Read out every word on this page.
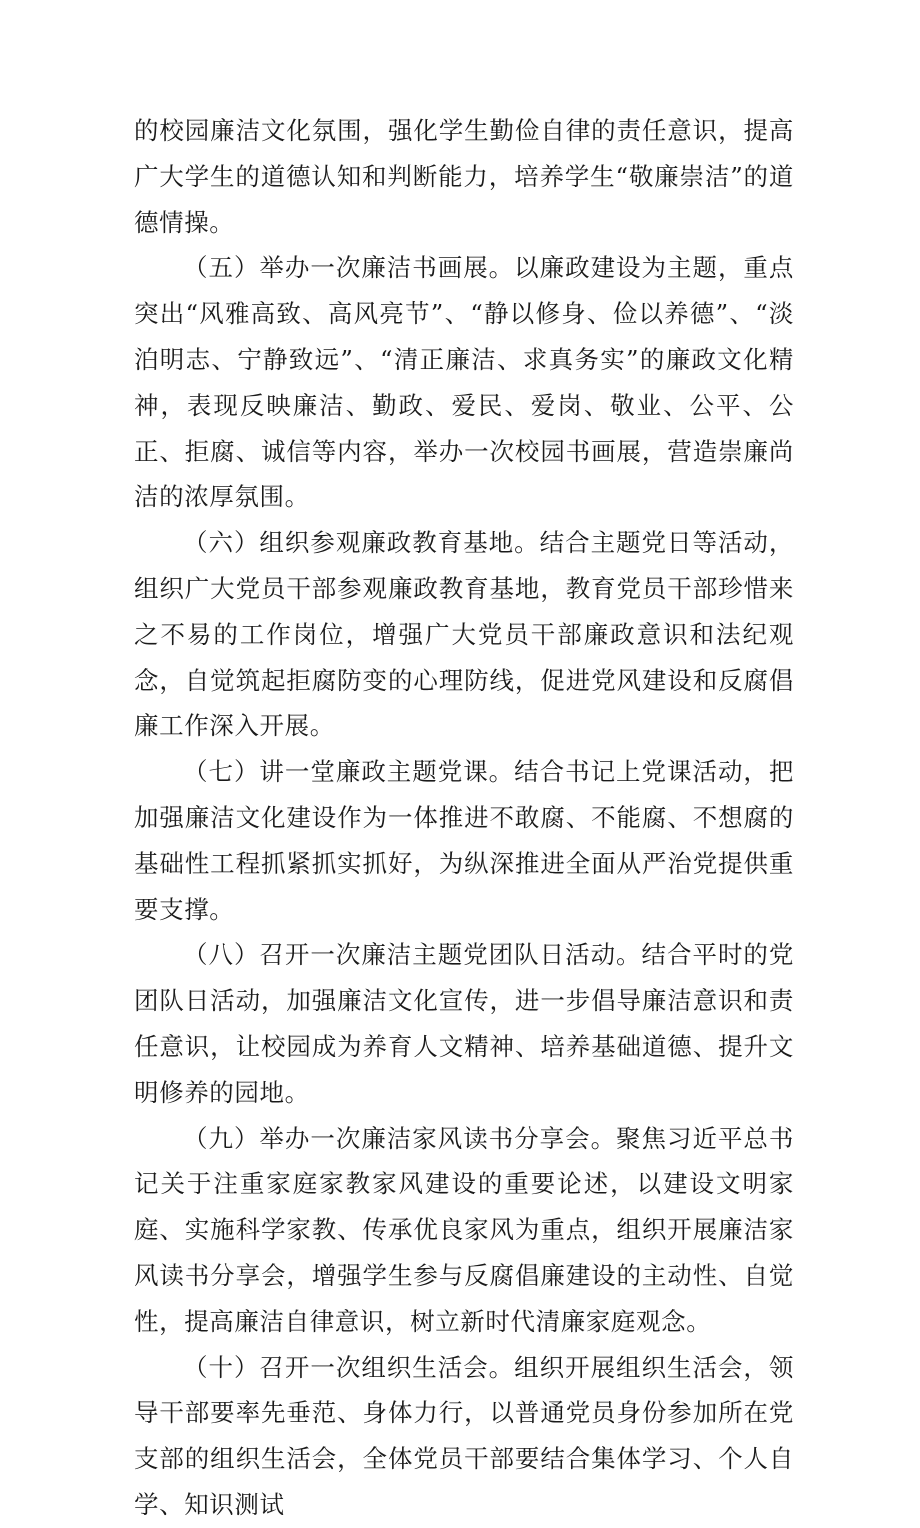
的校园廉洁文化氛围，强化学生勤俭自律的责任意识，提高广大学生的道德认知和判断能力，培养学生“敬廉崇洁”的道德情操。

（五）举办一次廉洁书画展。以廉政建设为主题，重点突出“风雅高致、高风亮节”、“静以修身、俭以养德”、“淡泊明志、宁静致远”、“清正廉洁、求真务实”的廉政文化精神，表现反映廉洁、勤政、爱民、爱岗、敬业、公平、公正、拒腐、诚信等内容，举办一次校园书画展，营造崇廉尚洁的浓厚氛围。

（六）组织参观廉政教育基地。结合主题党日等活动，组织广大党员干部参观廉政教育基地，教育党员干部珍惜来之不易的工作岗位，增强广大党员干部廉政意识和法纪观念，自觉筑起拒腐防变的心理防线，促进党风建设和反腐倡廉工作深入开展。

（七）讲一堂廉政主题党课。结合书记上党课活动，把加强廉洁文化建设作为一体推进不敢腐、不能腐、不想腐的基础性工程抓紧抓实抓好，为纵深推进全面从严治党提供重要支撑。

（八）召开一次廉洁主题党团队日活动。结合平时的党团队日活动，加强廉洁文化宣传，进一步倡导廉洁意识和责任意识，让校园成为养育人文精神、培养基础道德、提升文明修养的园地。

（九）举办一次廉洁家风读书分享会。聚焦习近平总书记关于注重家庭家教家风建设的重要论述，以建设文明家庭、实施科学家教、传承优良家风为重点，组织开展廉洁家风读书分享会，增强学生参与反腐倡廉建设的主动性、自觉性，提高廉洁自律意识，树立新时代清廉家庭观念。

（十）召开一次组织生活会。组织开展组织生活会，领导干部要率先垂范、身体力行，以普通党员身份参加所在党支部的组织生活会，全体党员干部要结合集体学习、个人自学、知识测试
